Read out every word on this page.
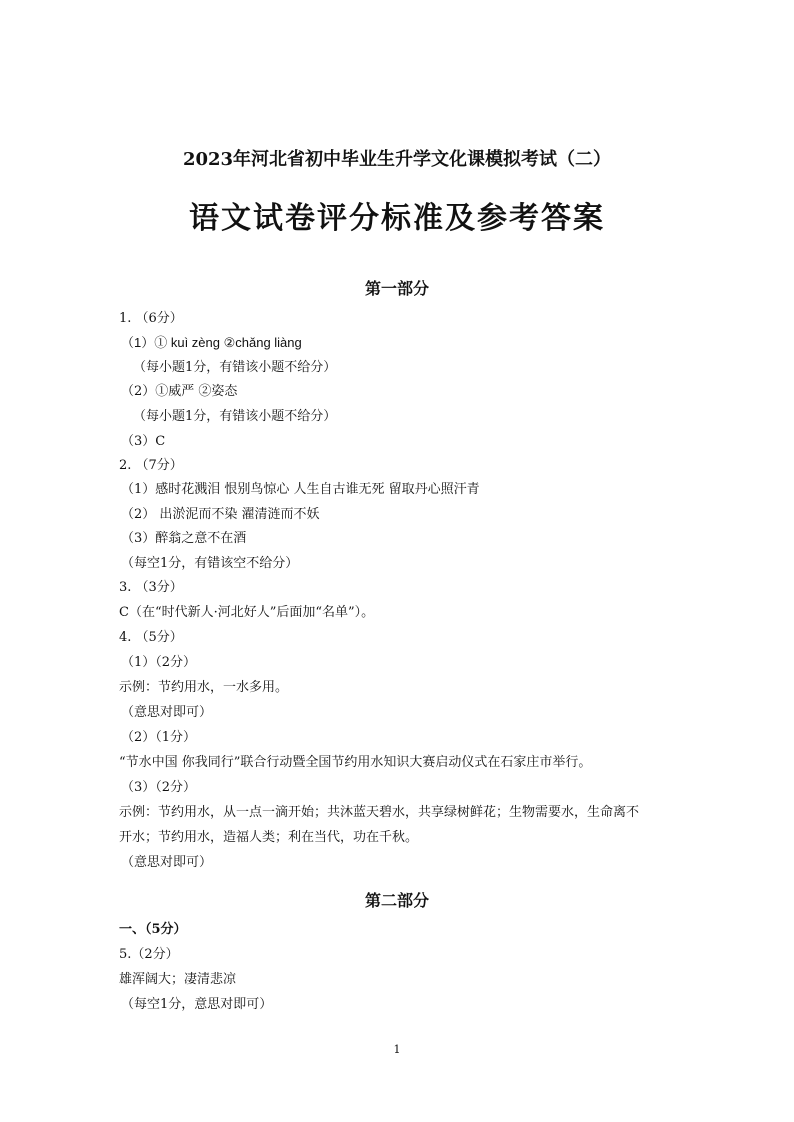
2023年河北省初中毕业生升学文化课模拟考试（二）
语文试卷评分标准及参考答案
第一部分
1. （6分）
（1）① kuì zèng ②chǎng liàng
（每小题1分，有错该小题不给分）
（2）①威严 ②姿态
（每小题1分，有错该小题不给分）
（3）C
2. （7分）
（1）感时花溅泪 恨别鸟惊心 人生自古谁无死 留取丹心照汗青
（2） 出淤泥而不染 濯清涟而不妖
（3）醉翁之意不在酒
（每空1分，有错该空不给分）
3. （3分）
C（在“时代新人·河北好人”后面加“名单”）。
4. （5分）
（1）（2分）
示例：节约用水，一水多用。
（意思对即可）
（2）（1分）
“节水中国 你我同行”联合行动暨全国节约用水知识大赛启动仪式在石家庄市举行。
（3）（2分）
示例：节约用水，从一点一滴开始；共沐蓝天碧水，共享绿树鲜花；生物需要水，生命离不
开水；节约用水，造福人类；利在当代，功在千秋。
（意思对即可）
第二部分
一、（5分）
5.（2分）
雄浑阔大；凄清悲凉
（每空1分，意思对即可）
1
